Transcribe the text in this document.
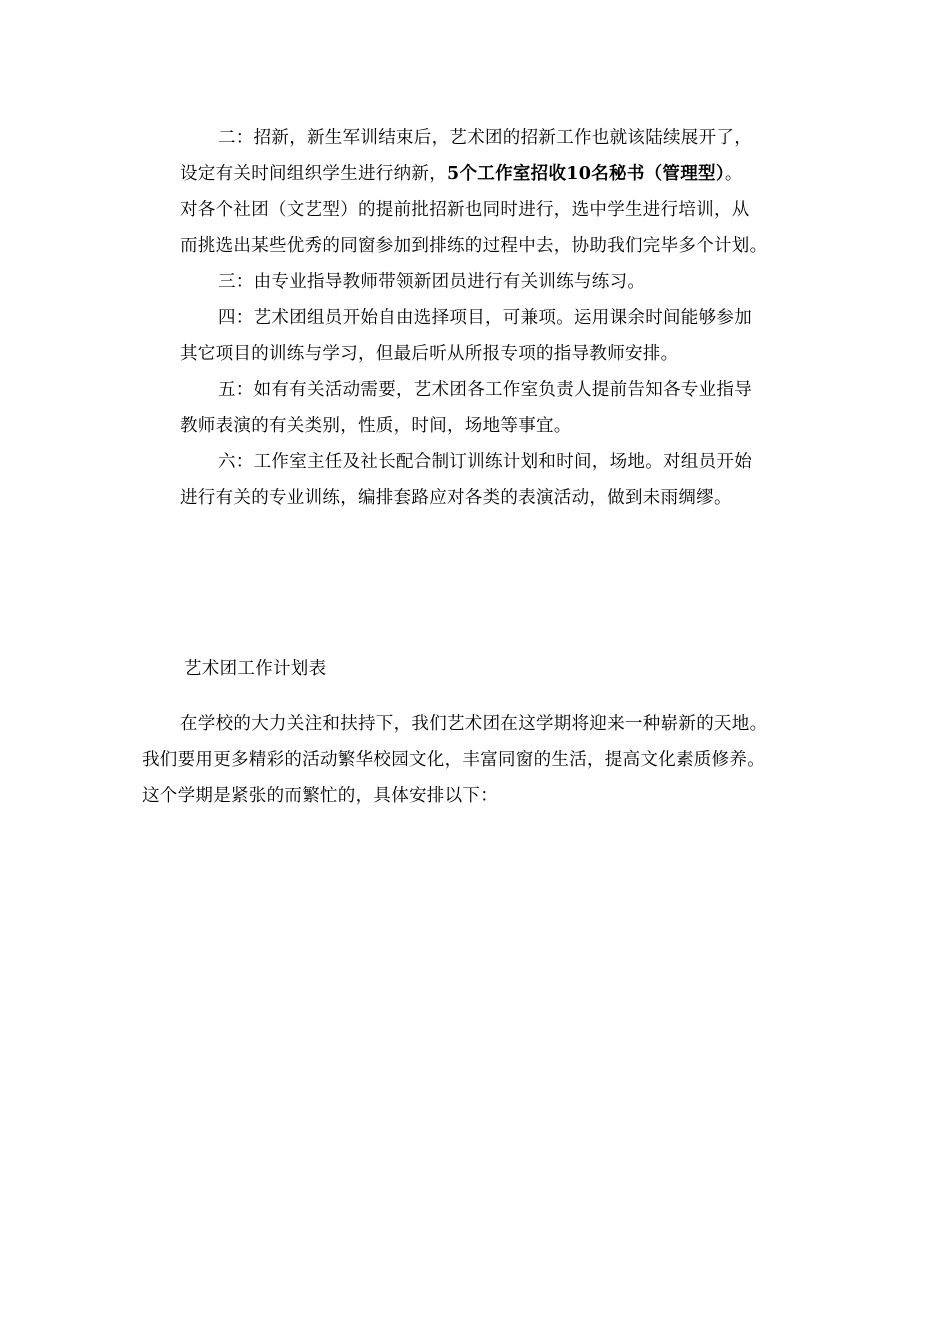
二：招新，新生军训结束后，艺术团的招新工作也就该陆续展开了，

设定有关时间组织学生进行纳新，5个工作室招收10名秘书（管理型）。

对各个社团（文艺型）的提前批招新也同时进行，选中学生进行培训，从

而挑选出某些优秀的同窗参加到排练的过程中去，协助我们完毕多个计划。

三：由专业指导教师带领新团员进行有关训练与练习。

四：艺术团组员开始自由选择项目，可兼项。运用课余时间能够参加

其它项目的训练与学习，但最后听从所报专项的指导教师安排。

五：如有有关活动需要，艺术团各工作室负责人提前告知各专业指导

教师表演的有关类别，性质，时间，场地等事宜。

六：工作室主任及社长配合制订训练计划和时间，场地。对组员开始

进行有关的专业训练，编排套路应对各类的表演活动，做到未雨绸缪。

艺术团工作计划表

在学校的大力关注和扶持下，我们艺术团在这学期将迎来一种崭新的天地。

我们要用更多精彩的活动繁华校园文化，丰富同窗的生活，提高文化素质修养。

这个学期是紧张的而繁忙的，具体安排以下：
